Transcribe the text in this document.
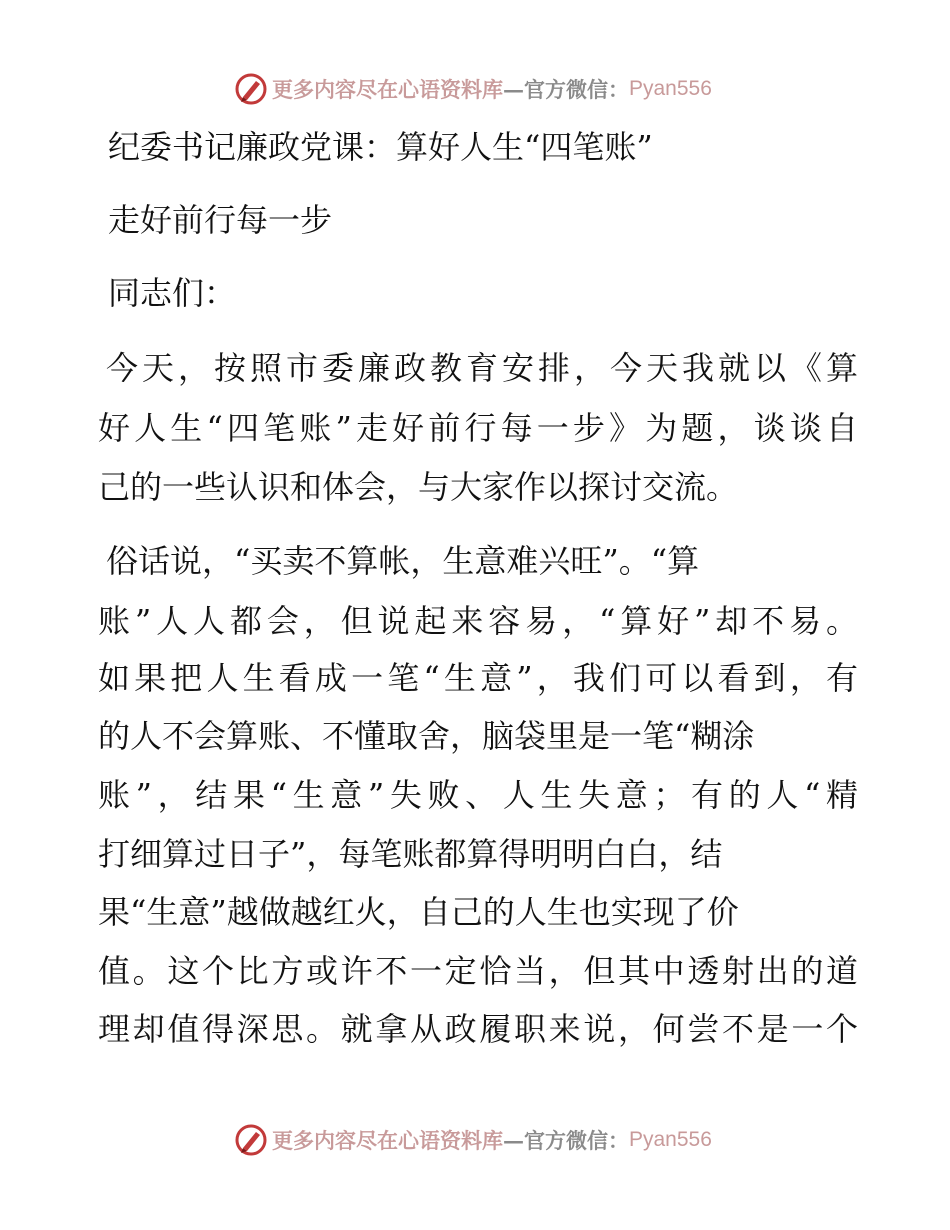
更多内容尽在心语资料库 — 官方微信： Pyan556
纪委书记廉政党课：算好人生“四笔账”
走好前行每一步
同志们：
今天，按照市委廉政教育安排，今天我就以《算
好人生“四笔账”走好前行每一步》为题，谈谈自
己的一些认识和体会，与大家作以探讨交流。
俗话说，“买卖不算帐，生意难兴旺”。“算
账”人人都会，但说起来容易，“算好”却不易。
如果把人生看成一笔“生意”，我们可以看到，有
的人不会算账、不懂取舍，脑袋里是一笔“糊涂
账”，结果“生意”失败、人生失意；有的人“精
打细算过日子”，每笔账都算得明明白白，结
果“生意”越做越红火，自己的人生也实现了价
值。这个比方或许不一定恰当，但其中透射出的道
理却值得深思。就拿从政履职来说，何尝不是一个
更多内容尽在心语资料库 — 官方微信： Pyan556
